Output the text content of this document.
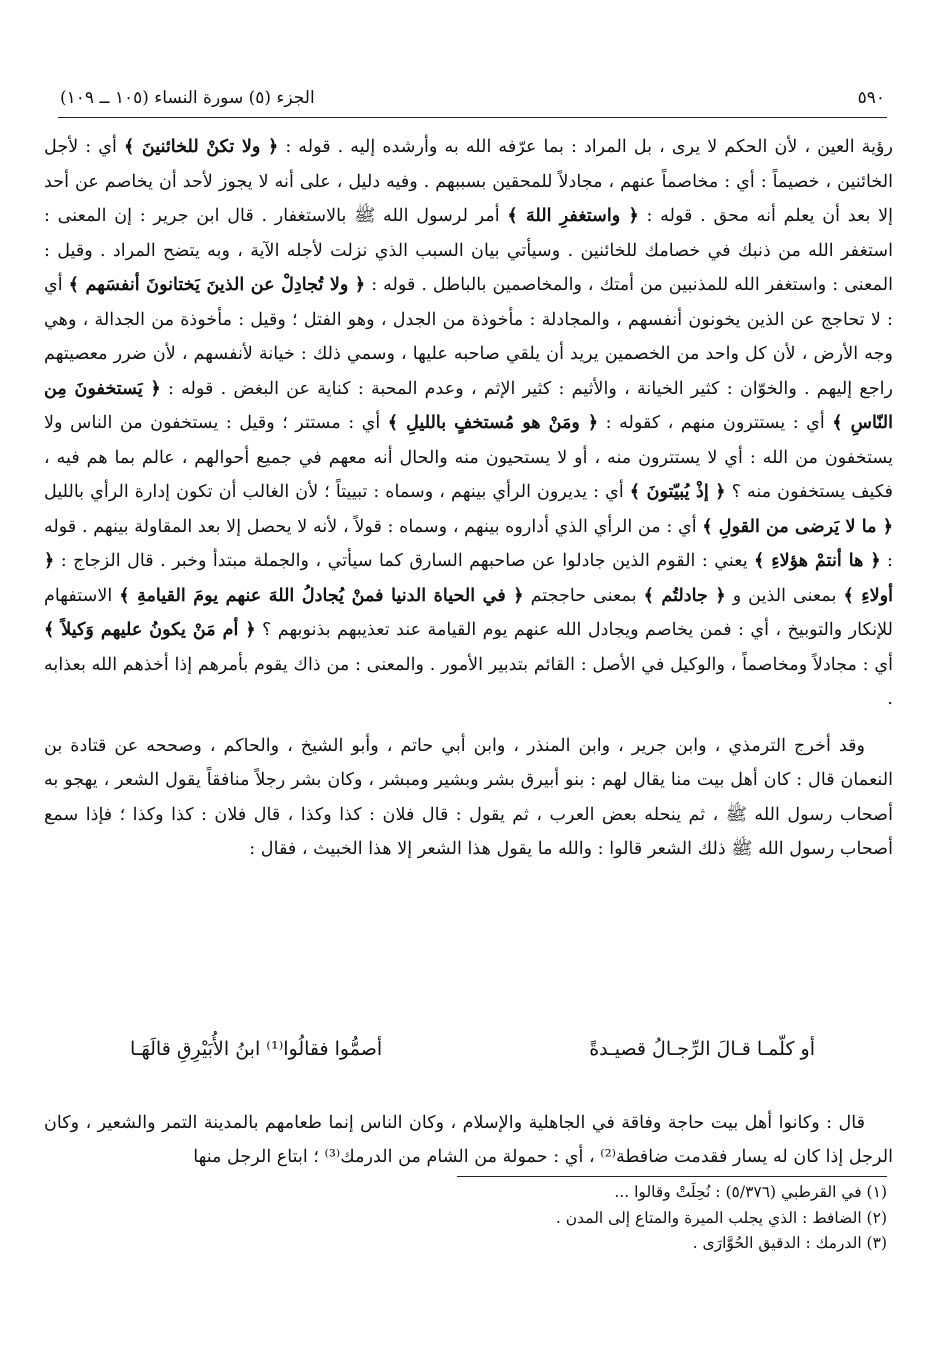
٥٩٠
الجزء (٥) سورة النساء (١٠٥ ــ ١٠٩)

رؤية العين ، لأن الحكم لا يرى ، بل المراد : بما عرّفه الله به وأرشده إليه . قوله : ﴿ ولا تكنْ للخائنينَ ﴾ أي : لأجل الخائنين ، خصيماً : أي : مخاصماً عنهم ، مجادلاً للمحقين بسببهم . وفيه دليل ، على أنه لا يجوز لأحد أن يخاصم عن أحد إلا بعد أن يعلم أنه محق . قوله : ﴿ واستغفرِ اللهَ ﴾ أمر لرسول الله ﷺ بالاستغفار . قال ابن جرير : إن المعنى : استغفر الله من ذنبك في خصامك للخائنين . وسيأتي بيان السبب الذي نزلت لأجله الآية ، وبه يتضح المراد . وقيل : المعنى : واستغفر الله للمذنبين من أمتك ، والمخاصمين بالباطل . قوله : ﴿ ولا تُجادِلْ عن الذينَ يَختانونَ أنفسَهم ﴾ أي : لا تحاجج عن الذين يخونون أنفسهم ، والمجادلة : مأخوذة من الجدل ، وهو الفتل ؛ وقيل : مأخوذة من الجدالة ، وهي وجه الأرض ، لأن كل واحد من الخصمين يريد أن يلقي صاحبه عليها ، وسمي ذلك : خيانة لأنفسهم ، لأن ضرر معصيتهم راجع إليهم . والخوّان : كثير الخيانة ، والأثيم : كثير الإثم ، وعدم المحبة : كناية عن البغض . قوله : ﴿ يَستخفونَ مِن النّاسِ ﴾ أي : يستترون منهم ، كقوله : ﴿ ومَنْ هو مُستخفٍ بالليلِ ﴾ أي : مستتر ؛ وقيل : يستخفون من الناس ولا يستخفون من الله : أي لا يستترون منه ، أو لا يستحيون منه والحال أنه معهم في جميع أحوالهم ، عالم بما هم فيه ، فكيف يستخفون منه ؟ ﴿ إذْ يُبيّتونَ ﴾ أي : يديرون الرأي بينهم ، وسماه : تبييتاً ؛ لأن الغالب أن تكون إدارة الرأي بالليل ﴿ ما لا يَرضى من القولِ ﴾ أي : من الرأي الذي أداروه بينهم ، وسماه : قولاً ، لأنه لا يحصل إلا بعد المقاولة بينهم . قوله : ﴿ ها أنتمْ هؤلاءِ ﴾ يعني : القوم الذين جادلوا عن صاحبهم السارق كما سيأتي ، والجملة مبتدأ وخبر . قال الزجاج : ﴿ أولاءِ ﴾ بمعنى الذين و ﴿ جادلتُم ﴾ بمعنى حاججتم ﴿ في الحياة الدنيا فمنْ يُجادلُ اللهَ عنهم يومَ القيامةِ ﴾ الاستفهام للإنكار والتوبيخ ، أي : فمن يخاصم ويجادل الله عنهم يوم القيامة عند تعذيبهم بذنوبهم ؟ ﴿ أم مَنْ يكونُ عليهم وَكيلاً ﴾ أي : مجادلاً ومخاصماً ، والوكيل في الأصل : القائم بتدبير الأمور . والمعنى : من ذاك يقوم بأمرهم إذا أخذهم الله بعذابه .

وقد أخرج الترمذي ، وابن جرير ، وابن المنذر ، وابن أبي حاتم ، وأبو الشيخ ، والحاكم ، وصححه عن قتادة بن النعمان قال : كان أهل بيت منا يقال لهم : بنو أبيرق بشر وبشير ومبشر ، وكان بشر رجلاً منافقاً يقول الشعر ، يهجو به أصحاب رسول الله ﷺ ، ثم ينحله بعض العرب ، ثم يقول : قال فلان : كذا وكذا ، قال فلان : كذا وكذا ؛ فإذا سمع أصحاب رسول الله ﷺ ذلك الشعر قالوا : والله ما يقول هذا الشعر إلا هذا الخبيث ، فقال :

أو كلّمـا قـالَ الرِّجـالُ قصيـدةً
أصمُّوا فقالُوا⁽¹⁾ ابنُ الأُبَيْرِقِ قالَهَـا

قال : وكانوا أهل بيت حاجة وفاقة في الجاهلية والإسلام ، وكان الناس إنما طعامهم بالمدينة التمر والشعير ، وكان الرجل إذا كان له يسار فقدمت ضافطة⁽²⁾ ، أي : حمولة من الشام من الدرمك⁽³⁾ ؛ ابتاع الرجل منها

(١) في القرطبي (٥/٣٧٦) : نُحِلَتْ وقالوا ...
(٢) الضافط : الذي يجلب الميرة والمتاع إلى المدن .
(٣) الدرمك : الدقيق الحُوَّارَى .
